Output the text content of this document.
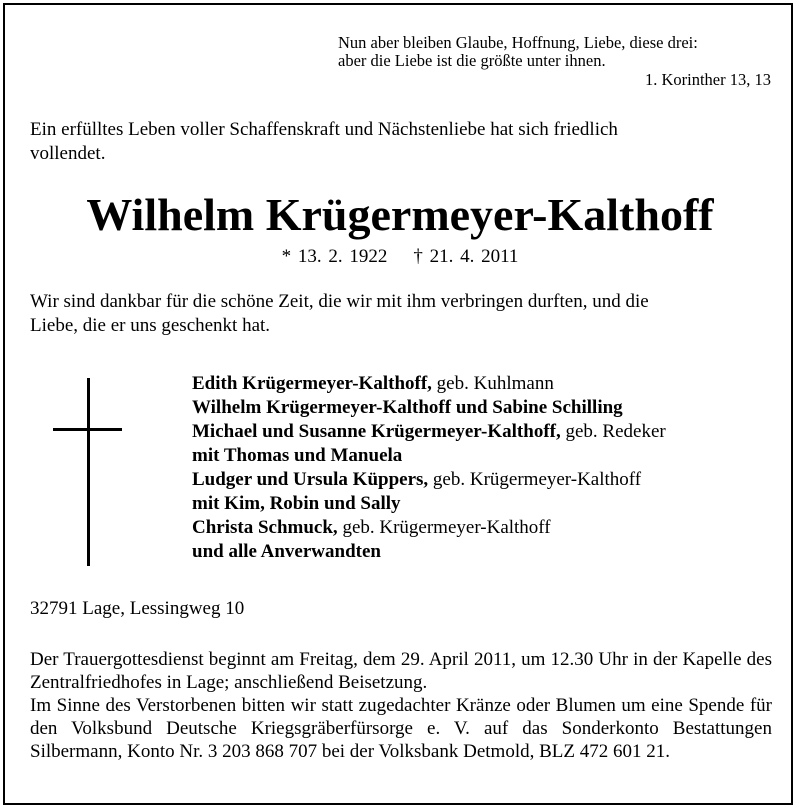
Nun aber bleiben Glaube, Hoffnung, Liebe, diese drei:
aber die Liebe ist die größte unter ihnen.
1. Korinther 13, 13
Ein erfülltes Leben voller Schaffenskraft und Nächstenliebe hat sich friedlich
vollendet.
Wilhelm Krügermeyer-Kalthoff
* 13. 2. 1922 † 21. 4. 2011
Wir sind dankbar für die schöne Zeit, die wir mit ihm verbringen durften, und die
Liebe, die er uns geschenkt hat.
Edith Krügermeyer-Kalthoff, geb. Kuhlmann
Wilhelm Krügermeyer-Kalthoff und Sabine Schilling
Michael und Susanne Krügermeyer-Kalthoff, geb. Redeker
mit Thomas und Manuela
Ludger und Ursula Küppers, geb. Krügermeyer-Kalthoff
mit Kim, Robin und Sally
Christa Schmuck, geb. Krügermeyer-Kalthoff
und alle Anverwandten
32791 Lage, Lessingweg 10

Der Trauergottesdienst beginnt am Freitag, dem 29. April 2011, um 12.30 Uhr in der Kapelle des Zentralfriedhofes in Lage; anschließend Beisetzung.

Im Sinne des Verstorbenen bitten wir statt zugedachter Kränze oder Blumen um eine Spende für den Volksbund Deutsche Kriegsgräberfürsorge e. V. auf das Sonderkonto Bestattungen Silbermann, Konto Nr. 3 203 868 707 bei der Volksbank Detmold, BLZ 472 601 21.
